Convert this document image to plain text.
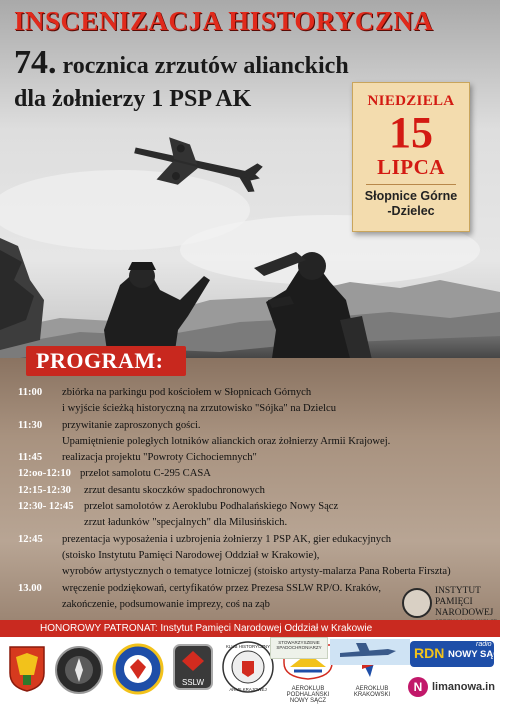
INSCENIZACJA HISTORYCZNA
74. rocznica zrzutów alianckich
dla żołnierzy 1 PSP AK	NIEDZIELA
15
LIPCA
Słopnice Górne
-Dzielec
PROGRAM:
11:00	zbiórka na parkingu pod kościołem w Słopnicach Górnych
i wyjście ścieżką historyczną na zrzutowisko "Sójka" na Dzielcu
11:30	przywitanie zaproszonych gości.
Upamiętnienie poległych lotników alianckich oraz żołnierzy Armii Krajowej.
11:45	realizacja projektu "Powroty Cichociemnych"
12:oo-12:10 przelot samolotu C-295 CASA
12:15-12:30	zrzut desantu skoczków spadochronowych
12:30- 12:45 przelot samolotów z Aeroklubu Podhalańskiego Nowy Sącz
zrzut ładunków "specjalnych" dla Milusińskich.
12:45	prezentacja wyposażenia i uzbrojenia żołnierzy 1 PSP AK, gier edukacyjnych
(stoisko Instytutu Pamięci Narodowej Oddział w Krakowie),
wyrobów artystycznych o tematyce lotniczej (stoisko artysty-malarza Pana Roberta Firszta)
13.00	wręczenie podziękowań, certyfikatów przez Prezesa SSLW RP/O. Kraków,
zakończenie, podsumowanie imprezy, coś na ząb
INSTYTUT
PAMIĘCI
NARODOWEJ
HONOROWY PATRONAT: Instytut Pamięci Narodowej Oddział w Krakowie
SSLW
KLUB HISTORYCZNY
ARMII KRAJOWEJ	AEROKLUB PODHALAŃSKI
NOWY SĄCZ
AEROKLUB KRAKOWSKI
STOWARZYSZENIE SPADOCHRONIARZY	RDN NOWY SĄCZ
radio
N limanowa.in
